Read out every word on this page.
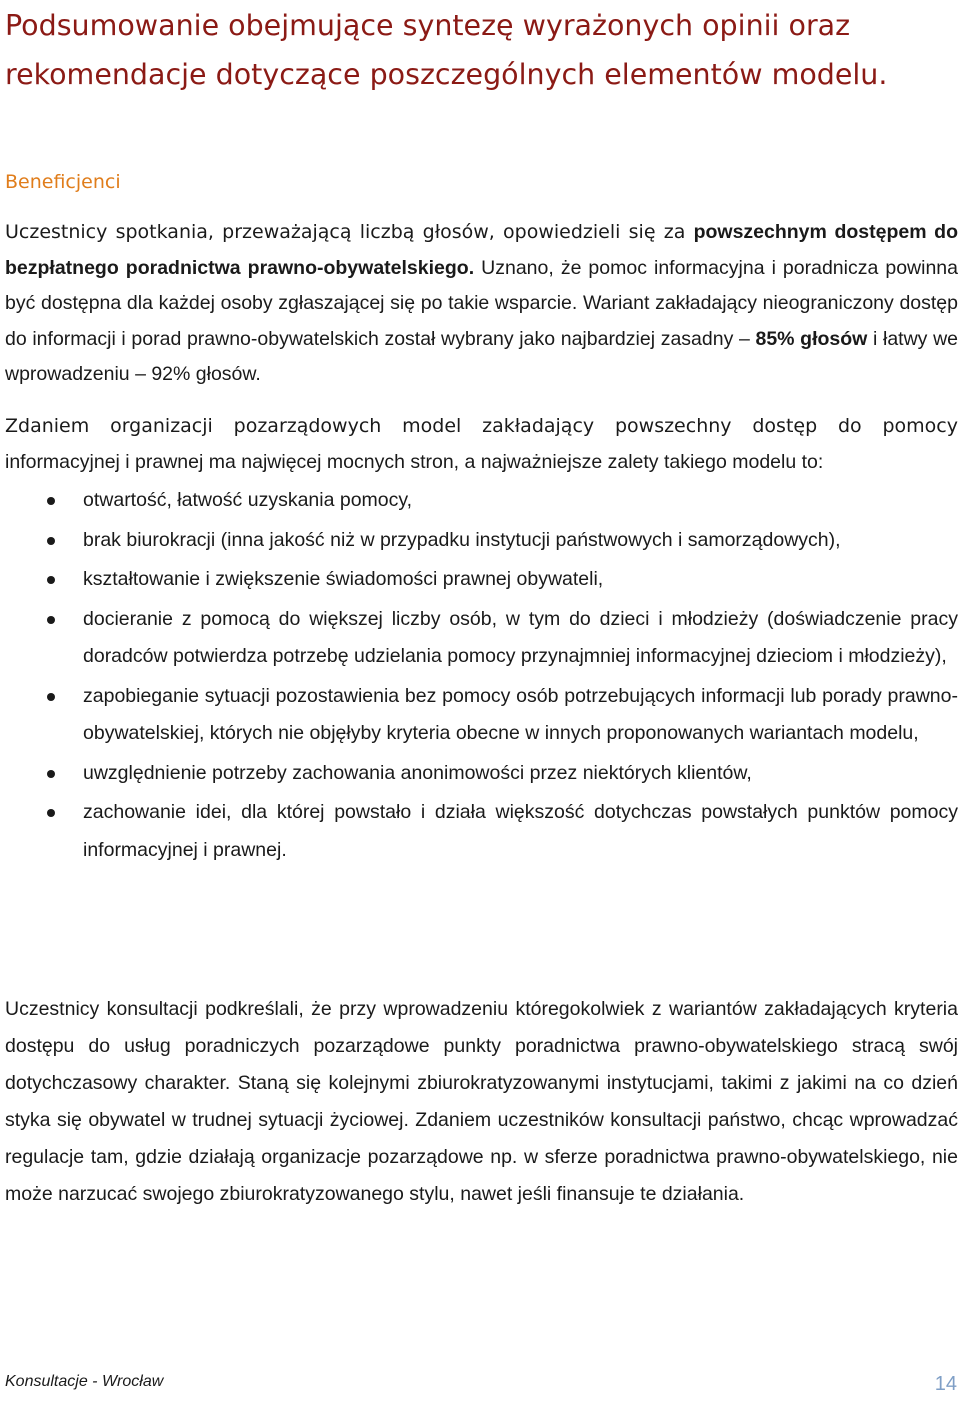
Podsumowanie obejmujące syntezę wyrażonych opinii oraz rekomendacje dotyczące poszczególnych elementów modelu.
Beneficjenci

Uczestnicy spotkania, przeważającą liczbą głosów, opowiedzieli się za powszechnym dostępem do bezpłatnego poradnictwa prawno-obywatelskiego. Uznano, że pomoc informacyjna i poradnicza powinna być dostępna dla każdej osoby zgłaszającej się po takie wsparcie. Wariant zakładający nieograniczony dostęp do informacji i porad prawno-obywatelskich został wybrany jako najbardziej zasadny – 85% głosów i łatwy we wprowadzeniu – 92% głosów.

Zdaniem organizacji pozarządowych model zakładający powszechny dostęp do pomocy informacyjnej i prawnej ma najwięcej mocnych stron, a najważniejsze zalety takiego modelu to:

otwartość, łatwość uzyskania pomocy,
brak biurokracji (inna jakość niż w przypadku instytucji państwowych i samorządowych),
kształtowanie i zwiększenie świadomości prawnej obywateli,
docieranie z pomocą do większej liczby osób, w tym do dzieci i młodzieży (doświadczenie pracy doradców potwierdza potrzebę udzielania pomocy przynajmniej informacyjnej dzieciom i młodzieży),
zapobieganie sytuacji pozostawienia bez pomocy osób potrzebujących informacji lub porady prawno-obywatelskiej, których nie objęłyby kryteria obecne w innych proponowanych wariantach modelu,
uwzględnienie potrzeby zachowania anonimowości przez niektórych klientów,
zachowanie idei, dla której powstało i działa większość dotychczas powstałych punktów pomocy informacyjnej i prawnej.

Uczestnicy konsultacji podkreślali, że przy wprowadzeniu któregokolwiek z wariantów zakładających kryteria dostępu do usług poradniczych pozarządowe punkty poradnictwa prawno-obywatelskiego stracą swój dotychczasowy charakter. Staną się kolejnymi zbiurokratyzowanymi instytucjami, takimi z jakimi na co dzień styka się obywatel w trudnej sytuacji życiowej. Zdaniem uczestników konsultacji państwo, chcąc wprowadzać regulacje tam, gdzie działają organizacje pozarządowe np. w sferze poradnictwa prawno-obywatelskiego, nie może narzucać swojego zbiurokratyzowanego stylu, nawet jeśli finansuje te działania.

Konsultacje - Wrocław	14
